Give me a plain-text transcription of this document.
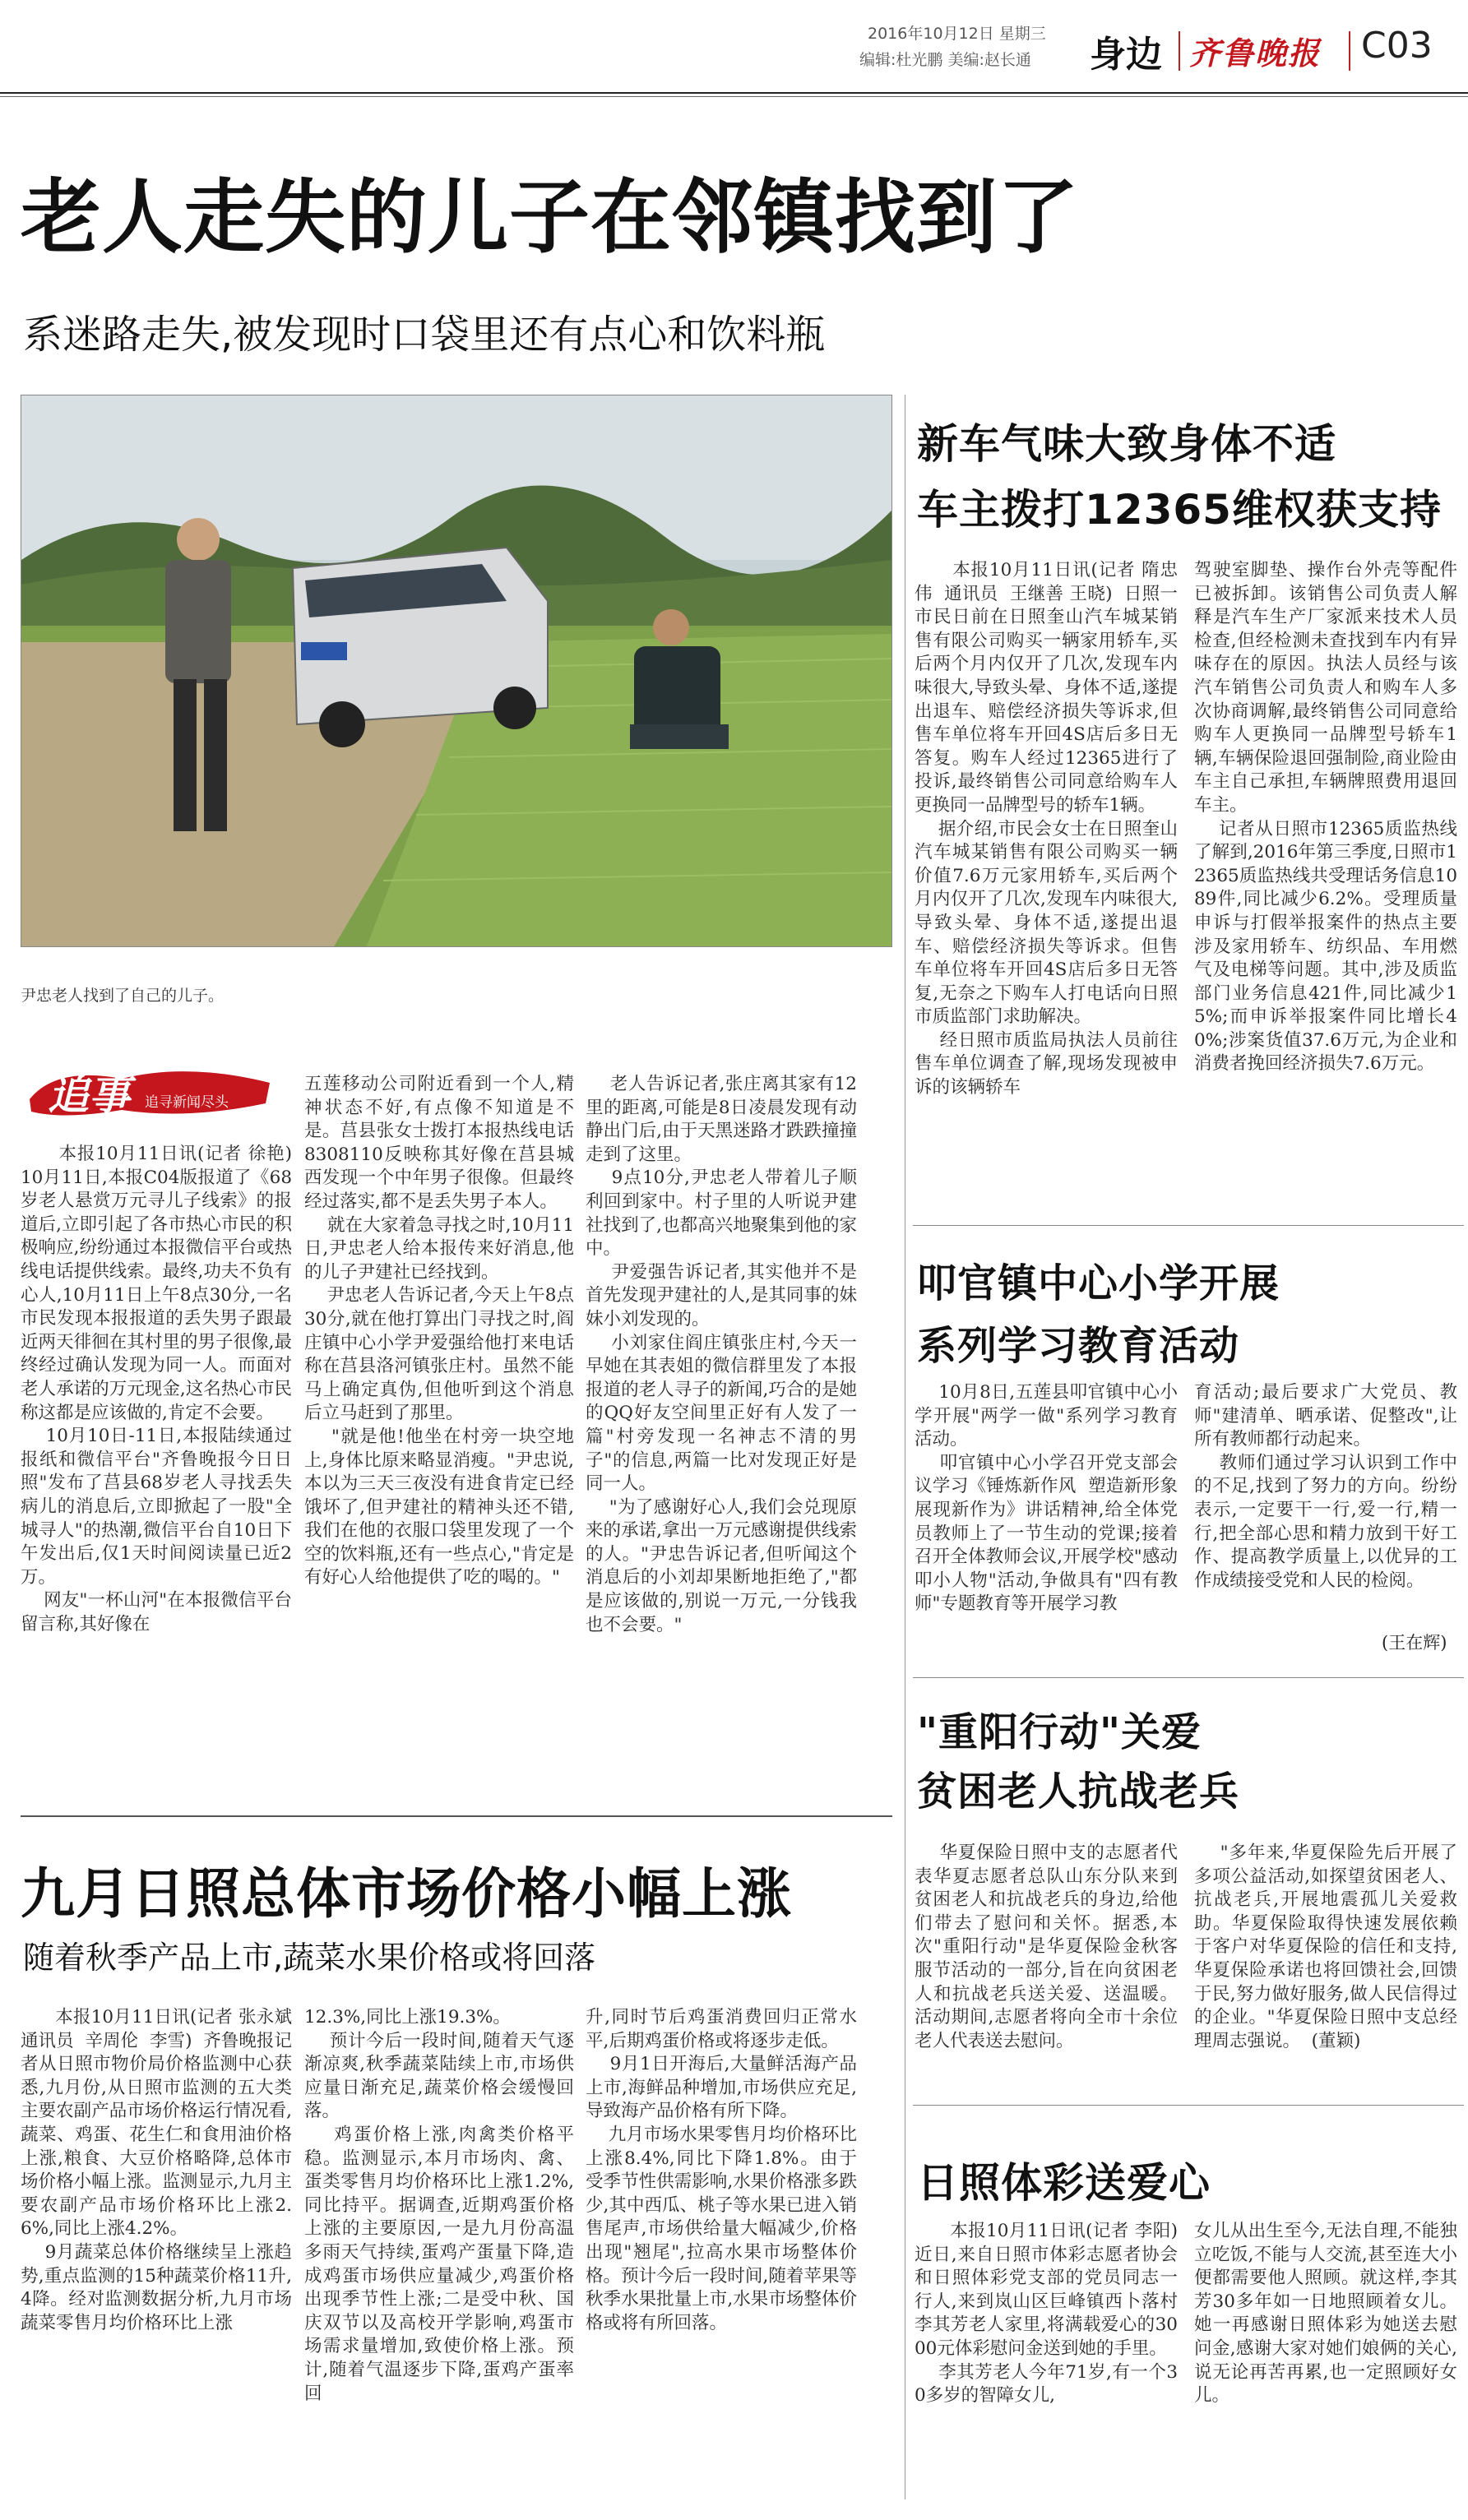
2016年10月12日 星期三
编辑:杜光鹏 美编:赵长通	身边 齐鲁晚报 C03
老人走失的儿子在邻镇找到了
系迷路走失,被发现时口袋里还有点心和饮料瓶
尹忠老人找到了自己的儿子。
追事 追寻新闻尽头
本报10月11日讯(记者 徐艳)  10月11日,本报C04版报道了《68岁老人悬赏万元寻儿子线索》的报道后,立即引起了各市热心市民的积极响应,纷纷通过本报微信平台或热线电话提供线索。最终,功夫不负有心人,10月11日上午8点30分,一名市民发现本报报道的丢失男子跟最近两天徘徊在其村里的男子很像,最终经过确认发现为同一人。而面对老人承诺的万元现金,这名热心市民称这都是应该做的,肯定不会要。
10月10日-11日,本报陆续通过报纸和微信平台"齐鲁晚报今日日照"发布了莒县68岁老人寻找丢失病儿的消息后,立即掀起了一股"全城寻人"的热潮,微信平台自10日下午发出后,仅1天时间阅读量已近2万。
网友"一杯山河"在本报微信平台留言称,其好像在
五莲移动公司附近看到一个人,精神状态不好,有点像不知道是不是。莒县张女士拨打本报热线电话8308110反映称其好像在莒县城西发现一个中年男子很像。但最终经过落实,都不是丢失男子本人。
就在大家着急寻找之时,10月11日,尹忠老人给本报传来好消息,他的儿子尹建社已经找到。
尹忠老人告诉记者,今天上午8点30分,就在他打算出门寻找之时,阎庄镇中心小学尹爱强给他打来电话称在莒县洛河镇张庄村。虽然不能马上确定真伪,但他听到这个消息后立马赶到了那里。
"就是他!他坐在村旁一块空地上,身体比原来略显消瘦。"尹忠说,本以为三天三夜没有进食肯定已经饿坏了,但尹建社的精神头还不错,我们在他的衣服口袋里发现了一个空的饮料瓶,还有一些点心,"肯定是有好心人给他提供了吃的喝的。"
老人告诉记者,张庄离其家有12里的距离,可能是8日凌晨发现有动静出门后,由于天黑迷路才跌跌撞撞走到了这里。
9点10分,尹忠老人带着儿子顺利回到家中。村子里的人听说尹建社找到了,也都高兴地聚集到他的家中。
尹爱强告诉记者,其实他并不是首先发现尹建社的人,是其同事的妹妹小刘发现的。
小刘家住阎庄镇张庄村,今天一早她在其表姐的微信群里发了本报报道的老人寻子的新闻,巧合的是她的QQ好友空间里正好有人发了一篇"村旁发现一名神志不清的男子"的信息,两篇一比对发现正好是同一人。
"为了感谢好心人,我们会兑现原来的承诺,拿出一万元感谢提供线索的人。"尹忠告诉记者,但听闻这个消息后的小刘却果断地拒绝了,"都是应该做的,别说一万元,一分钱我也不会要。"
新车气味大致身体不适
车主拨打12365维权获支持
本报10月11日讯(记者 隋忠伟  通讯员  王继善 王晓)  日照一市民日前在日照奎山汽车城某销售有限公司购买一辆家用轿车,买后两个月内仅开了几次,发现车内味很大,导致头晕、身体不适,遂提出退车、赔偿经济损失等诉求,但售车单位将车开回4S店后多日无答复。购车人经过12365进行了投诉,最终销售公司同意给购车人更换同一品牌型号的轿车1辆。
据介绍,市民会女士在日照奎山汽车城某销售有限公司购买一辆价值7.6万元家用轿车,买后两个月内仅开了几次,发现车内味很大,导致头晕、身体不适,遂提出退车、赔偿经济损失等诉求。但售车单位将车开回4S店后多日无答复,无奈之下购车人打电话向日照市质监部门求助解决。
经日照市质监局执法人员前往售车单位调查了解,现场发现被申诉的该辆轿车
驾驶室脚垫、操作台外壳等配件已被拆卸。该销售公司负责人解释是汽车生产厂家派来技术人员检查,但经检测未查找到车内有异味存在的原因。执法人员经与该汽车销售公司负责人和购车人多次协商调解,最终销售公司同意给购车人更换同一品牌型号轿车1辆,车辆保险退回强制险,商业险由车主自己承担,车辆牌照费用退回车主。
记者从日照市12365质监热线了解到,2016年第三季度,日照市12365质监热线共受理话务信息1089件,同比减少6.2%。受理质量申诉与打假举报案件的热点主要涉及家用轿车、纺织品、车用燃气及电梯等问题。其中,涉及质监部门业务信息421件,同比减少15%;而申诉举报案件同比增长40%;涉案货值37.6万元,为企业和消费者挽回经济损失7.6万元。
叩官镇中心小学开展
系列学习教育活动
10月8日,五莲县叩官镇中心小学开展"两学一做"系列学习教育活动。
叩官镇中心小学召开党支部会议学习《锤炼新作风  塑造新形象  展现新作为》讲话精神,给全体党员教师上了一节生动的党课;接着召开全体教师会议,开展学校"感动叩小人物"活动,争做具有"四有教师"专题教育等开展学习教
育活动;最后要求广大党员、教师"建清单、晒承诺、促整改",让所有教师都行动起来。
教师们通过学习认识到工作中的不足,找到了努力的方向。纷纷表示,一定要干一行,爱一行,精一行,把全部心思和精力放到干好工作、提高教学质量上,以优异的工作成绩接受党和人民的检阅。
(王在辉)
"重阳行动"关爱
贫困老人抗战老兵
华夏保险日照中支的志愿者代表华夏志愿者总队山东分队来到贫困老人和抗战老兵的身边,给他们带去了慰问和关怀。据悉,本次"重阳行动"是华夏保险金秋客服节活动的一部分,旨在向贫困老人和抗战老兵送关爱、送温暖。活动期间,志愿者将向全市十余位老人代表送去慰问。
"多年来,华夏保险先后开展了多项公益活动,如探望贫困老人、抗战老兵,开展地震孤儿关爱救助。华夏保险取得快速发展依赖于客户对华夏保险的信任和支持,华夏保险承诺也将回馈社会,回馈于民,努力做好服务,做人民信得过的企业。"华夏保险日照中支总经理周志强说。  (董颖)
九月日照总体市场价格小幅上涨
随着秋季产品上市,蔬菜水果价格或将回落
本报10月11日讯(记者 张永斌  通讯员  辛周伦  李雪)  齐鲁晚报记者从日照市物价局价格监测中心获悉,九月份,从日照市监测的五大类主要农副产品市场价格运行情况看,蔬菜、鸡蛋、花生仁和食用油价格上涨,粮食、大豆价格略降,总体市场价格小幅上涨。监测显示,九月主要农副产品市场价格环比上涨2.6%,同比上涨4.2%。
9月蔬菜总体价格继续呈上涨趋势,重点监测的15种蔬菜价格11升,4降。经对监测数据分析,九月市场蔬菜零售月均价格环比上涨
12.3%,同比上涨19.3%。
预计今后一段时间,随着天气逐渐凉爽,秋季蔬菜陆续上市,市场供应量日渐充足,蔬菜价格会缓慢回落。
鸡蛋价格上涨,肉禽类价格平稳。监测显示,本月市场肉、禽、蛋类零售月均价格环比上涨1.2%,同比持平。据调查,近期鸡蛋价格上涨的主要原因,一是九月份高温多雨天气持续,蛋鸡产蛋量下降,造成鸡蛋市场供应量减少,鸡蛋价格出现季节性上涨;二是受中秋、国庆双节以及高校开学影响,鸡蛋市场需求量增加,致使价格上涨。预计,随着气温逐步下降,蛋鸡产蛋率回
升,同时节后鸡蛋消费回归正常水平,后期鸡蛋价格或将逐步走低。
9月1日开海后,大量鲜活海产品上市,海鲜品种增加,市场供应充足,导致海产品价格有所下降。
九月市场水果零售月均价格环比上涨8.4%,同比下降1.8%。由于受季节性供需影响,水果价格涨多跌少,其中西瓜、桃子等水果已进入销售尾声,市场供给量大幅减少,价格出现"翘尾",拉高水果市场整体价格。预计今后一段时间,随着苹果等秋季水果批量上市,水果市场整体价格或将有所回落。
日照体彩送爱心
本报10月11日讯(记者 李阳)  近日,来自日照市体彩志愿者协会和日照体彩党支部的党员同志一行人,来到岚山区巨峰镇西卜落村李其芳老人家里,将满载爱心的3000元体彩慰问金送到她的手里。
李其芳老人今年71岁,有一个30多岁的智障女儿,
女儿从出生至今,无法自理,不能独立吃饭,不能与人交流,甚至连大小便都需要他人照顾。就这样,李其芳30多年如一日地照顾着女儿。她一再感谢日照体彩为她送去慰问金,感谢大家对她们娘俩的关心,说无论再苦再累,也一定照顾好女儿。
